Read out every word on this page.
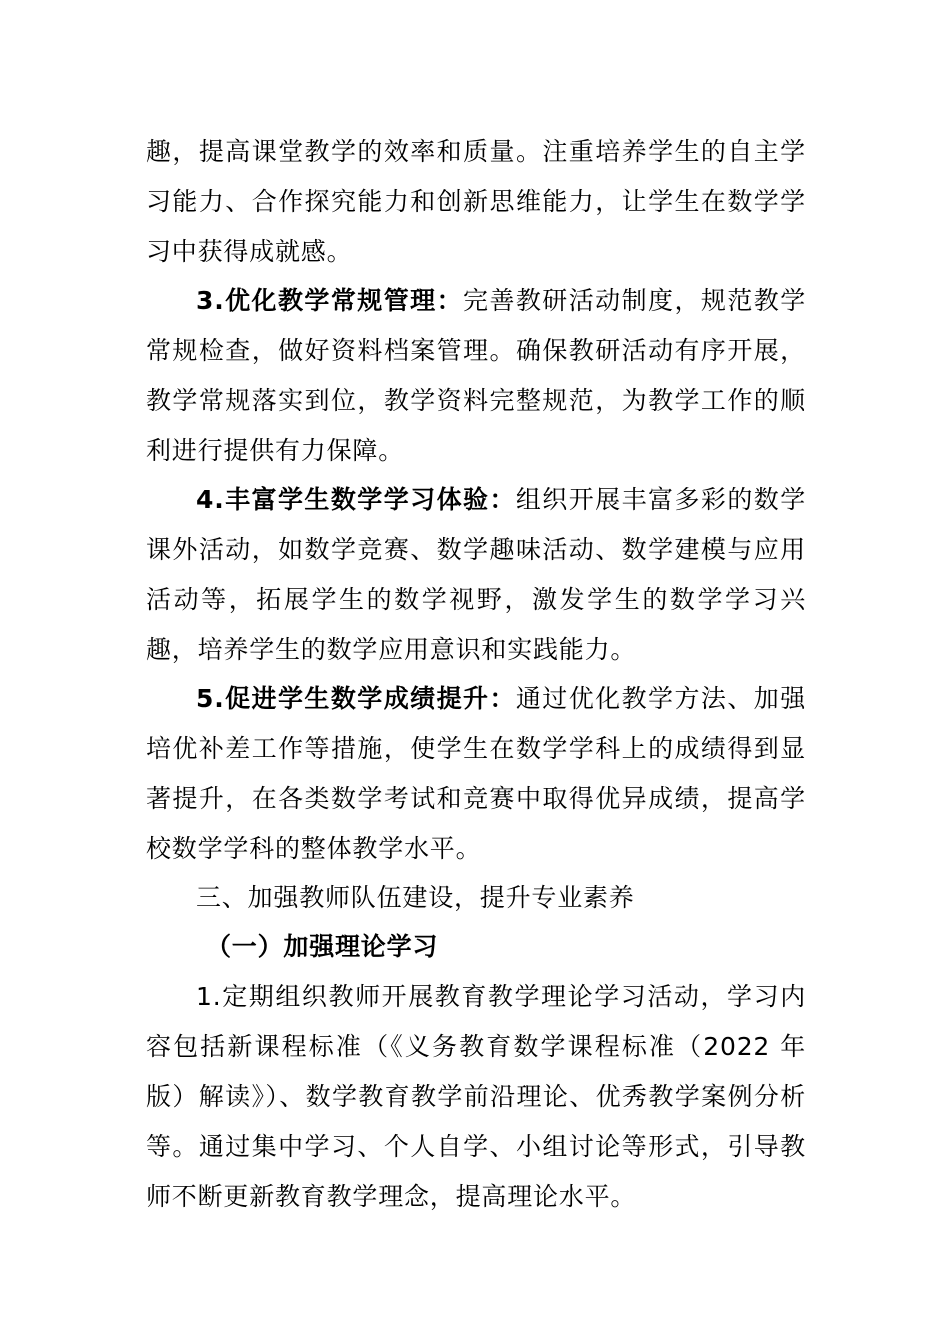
趣，提高课堂教学的效率和质量。注重培养学生的自主学习能力、合作探究能力和创新思维能力，让学生在数学学习中获得成就感。

3.优化教学常规管理：完善教研活动制度，规范教学常规检查，做好资料档案管理。确保教研活动有序开展，教学常规落实到位，教学资料完整规范，为教学工作的顺利进行提供有力保障。

4.丰富学生数学学习体验：组织开展丰富多彩的数学课外活动，如数学竞赛、数学趣味活动、数学建模与应用活动等，拓展学生的数学视野，激发学生的数学学习兴趣，培养学生的数学应用意识和实践能力。

5.促进学生数学成绩提升：通过优化教学方法、加强培优补差工作等措施，使学生在数学学科上的成绩得到显著提升，在各类数学考试和竞赛中取得优异成绩，提高学校数学学科的整体教学水平。

三、加强教师队伍建设，提升专业素养

（一）加强理论学习

1.定期组织教师开展教育教学理论学习活动，学习内容包括新课程标准（《义务教育数学课程标准（2022 年版）解读》）、数学教育教学前沿理论、优秀教学案例分析等。通过集中学习、个人自学、小组讨论等形式，引导教师不断更新教育教学理念，提高理论水平。
